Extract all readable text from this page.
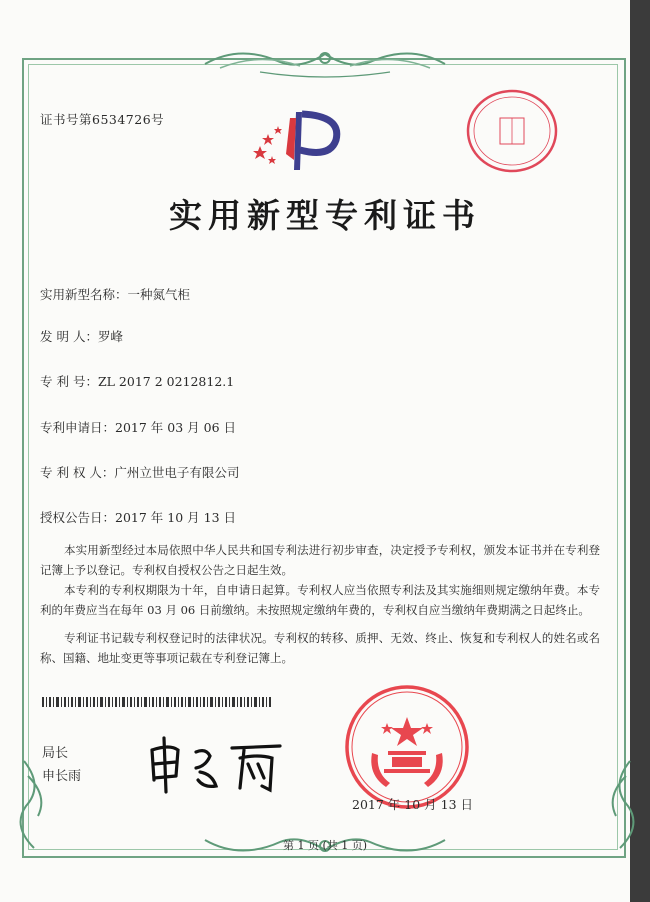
证书号第6534726号
实用新型专利证书
实用新型名称：一种氮气柜
发 明 人：罗峰
专 利 号：ZL 2017 2 0212812.1
专利申请日：2017 年 03 月 06 日
专 利 权 人：广州立世电子有限公司
授权公告日：2017 年 10 月 13 日

本实用新型经过本局依照中华人民共和国专利法进行初步审查，决定授予专利权，颁发本证书并在专利登记簿上予以登记。专利权自授权公告之日起生效。

本专利的专利权期限为十年，自申请日起算。专利权人应当依照专利法及其实施细则规定缴纳年费。本专利的年费应当在每年 03 月 06 日前缴纳。未按照规定缴纳年费的，专利权自应当缴纳年费期满之日起终止。

专利证书记载专利权登记时的法律状况。专利权的转移、质押、无效、终止、恢复和专利权人的姓名或名称、国籍、地址变更等事项记载在专利登记簿上。

局长
申长雨
2017 年 10 月 13 日
第 1 页 (共 1 页)
